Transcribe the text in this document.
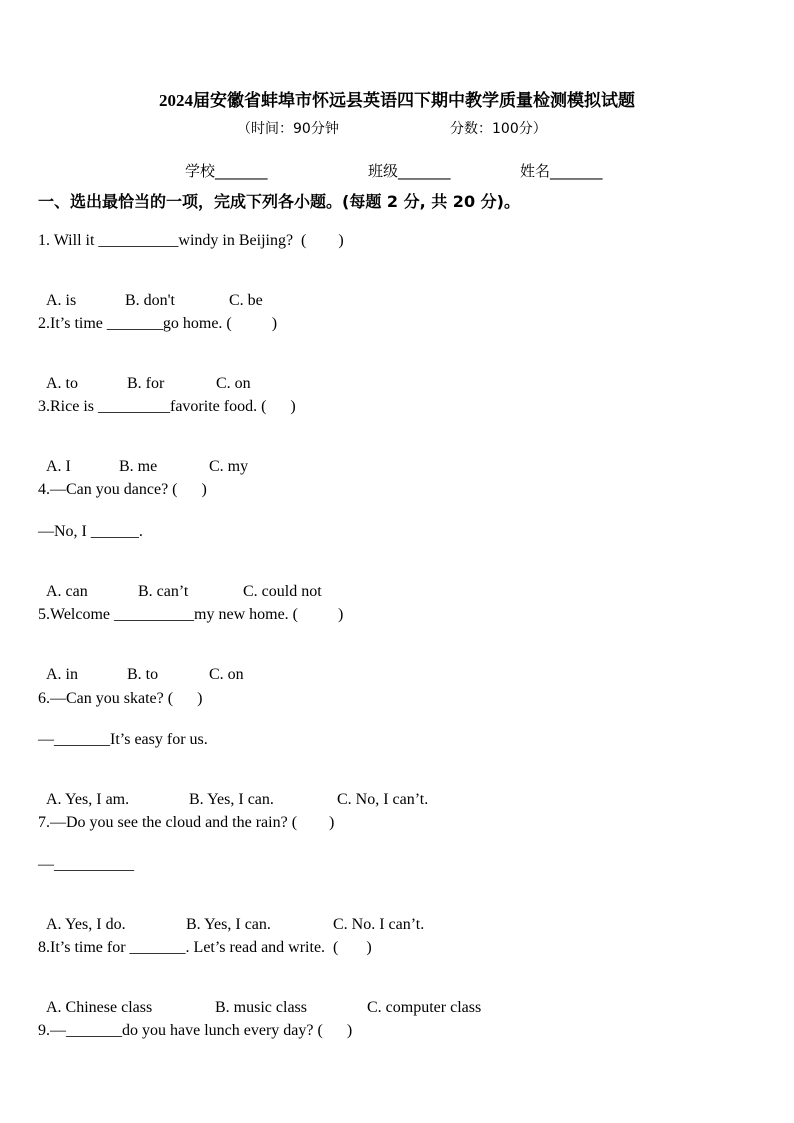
2024届安徽省蚌埠市怀远县英语四下期中教学质量检测模拟试题
（时间：90分钟	分数：100分）
学校_______	班级_______	姓名_______
一、选出最恰当的一项，完成下列各小题。(每题 2 分, 共 20 分)。
1. Will it __________windy in Beijing?  (        )

A. is	B. don't	C. be

2.It’s time _______go home. (          )

A. to	B. for	C. on

3.Rice is _________favorite food. (      )

A. I	B. me	C. my

4.—Can you dance? (      )
—No, I ______.

A. can	B. can’t	C. could not

5.Welcome __________my new home. (          )

A. in	B. to	C. on

6.—Can you skate? (      )
—_______It’s easy for us.

A. Yes, I am.	B. Yes, I can.	C. No, I can’t.

7.—Do you see the cloud and the rain? (        )
—__________

A. Yes, I do.	B. Yes, I can.	C. No. I can’t.

8.It’s time for _______. Let’s read and write.  (       )

A. Chinese class	B. music class	C. computer class

9.—_______do you have lunch every day? (      )
